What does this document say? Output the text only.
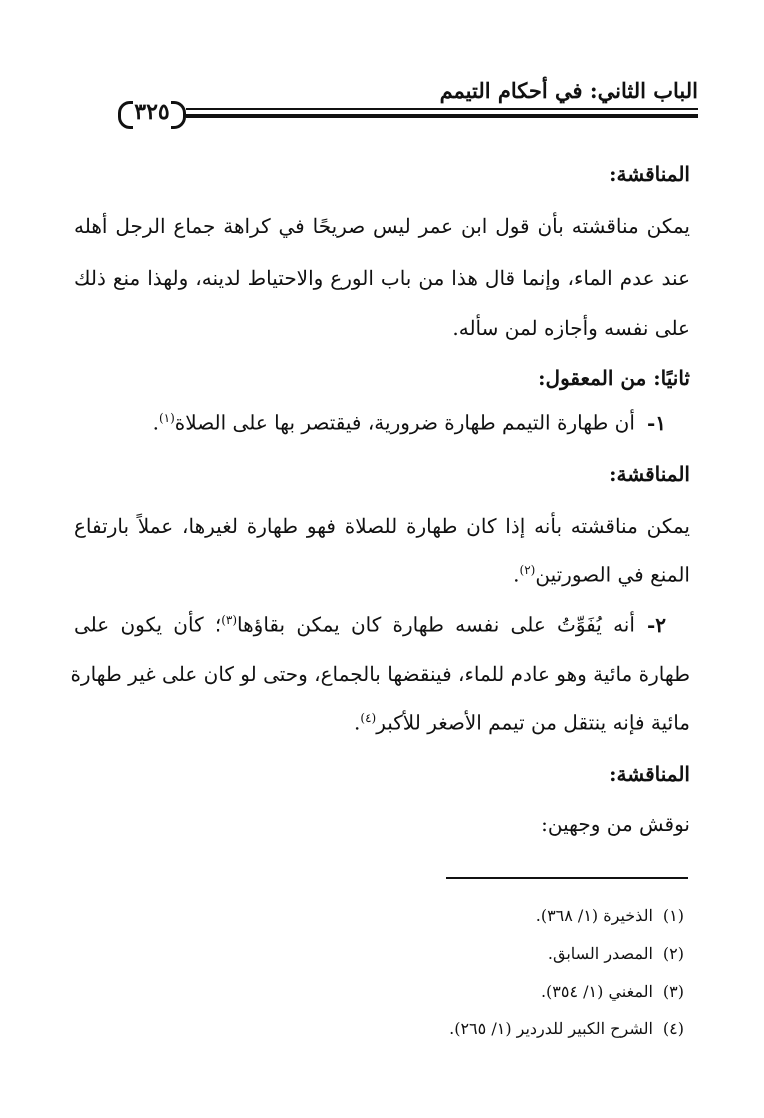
الباب الثاني: في أحكام التيمم
٣٢٥
المناقشة:
يمكن مناقشته بأن قول ابن عمر ليس صريحًا في كراهة جماع الرجل أهله
عند عدم الماء، وإنما قال هذا من باب الورع والاحتياط لدينه، ولهذا منع ذلك
على نفسه وأجازه لمن سأله.
ثانيًا: من المعقول:
١-أن طهارة التيمم طهارة ضرورية، فيقتصر بها على الصلاة$^{(١)}$.
المناقشة:
يمكن مناقشته بأنه إذا كان طهارة للصلاة فهو طهارة لغيرها، عملاً بارتفاع
المنع في الصورتين$^{(٢)}$.
٢-أنه يُفَوِّتُ على نفسه طهارة كان يمكن بقاؤها$^{(٣)}$؛ كأن يكون على
طهارة مائية وهو عادم للماء، فينقضها بالجماع، وحتى لو كان على غير طهارة
مائية فإنه ينتقل من تيمم الأصغر للأكبر$^{(٤)}$.
المناقشة:
نوقش من وجهين:
(١)الذخيرة (١/ ٣٦٨).
(٢)المصدر السابق.
(٣)المغني (١/ ٣٥٤).
(٤)الشرح الكبير للدردير (١/ ٢٦٥).
